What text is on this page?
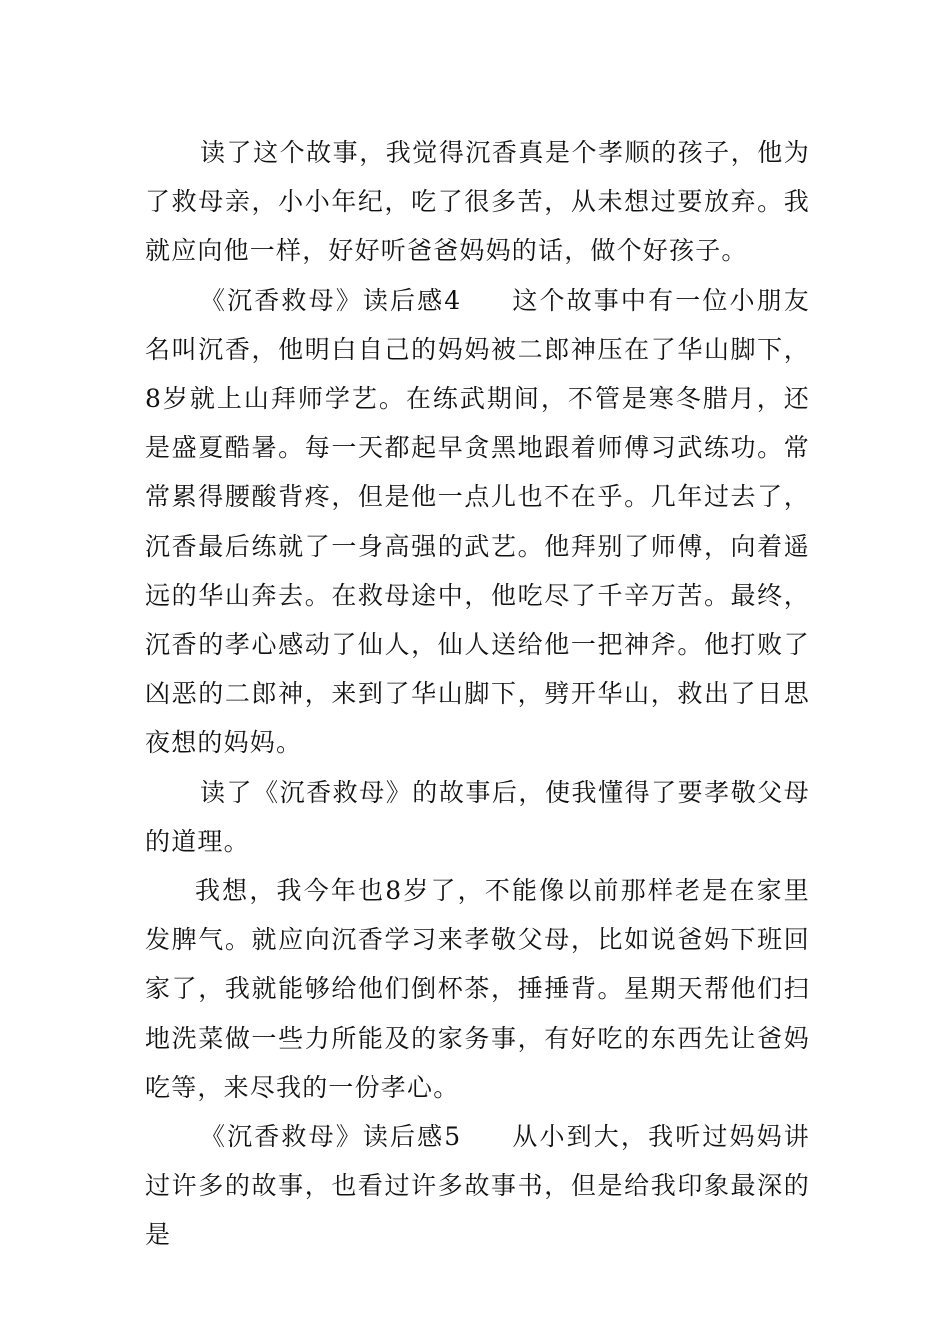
读了这个故事，我觉得沉香真是个孝顺的孩子，他为了救母亲，小小年纪，吃了很多苦，从未想过要放弃。我就应向他一样，好好听爸爸妈妈的话，做个好孩子。

《沉香救母》读后感4 这个故事中有一位小朋友名叫沉香，他明白自己的妈妈被二郎神压在了华山脚下，8岁就上山拜师学艺。在练武期间，不管是寒冬腊月，还是盛夏酷暑。每一天都起早贪黑地跟着师傅习武练功。常常累得腰酸背疼，但是他一点儿也不在乎。几年过去了，沉香最后练就了一身高强的武艺。他拜别了师傅，向着遥远的华山奔去。在救母途中，他吃尽了千辛万苦。最终，沉香的孝心感动了仙人，仙人送给他一把神斧。他打败了凶恶的二郎神，来到了华山脚下，劈开华山，救出了日思夜想的妈妈。

读了《沉香救母》的故事后，使我懂得了要孝敬父母的道理。

我想，我今年也8岁了，不能像以前那样老是在家里发脾气。就应向沉香学习来孝敬父母，比如说爸妈下班回家了，我就能够给他们倒杯茶，捶捶背。星期天帮他们扫地洗菜做一些力所能及的家务事，有好吃的东西先让爸妈吃等，来尽我的一份孝心。

《沉香救母》读后感5 从小到大，我听过妈妈讲过许多的故事，也看过许多故事书，但是给我印象最深的是
